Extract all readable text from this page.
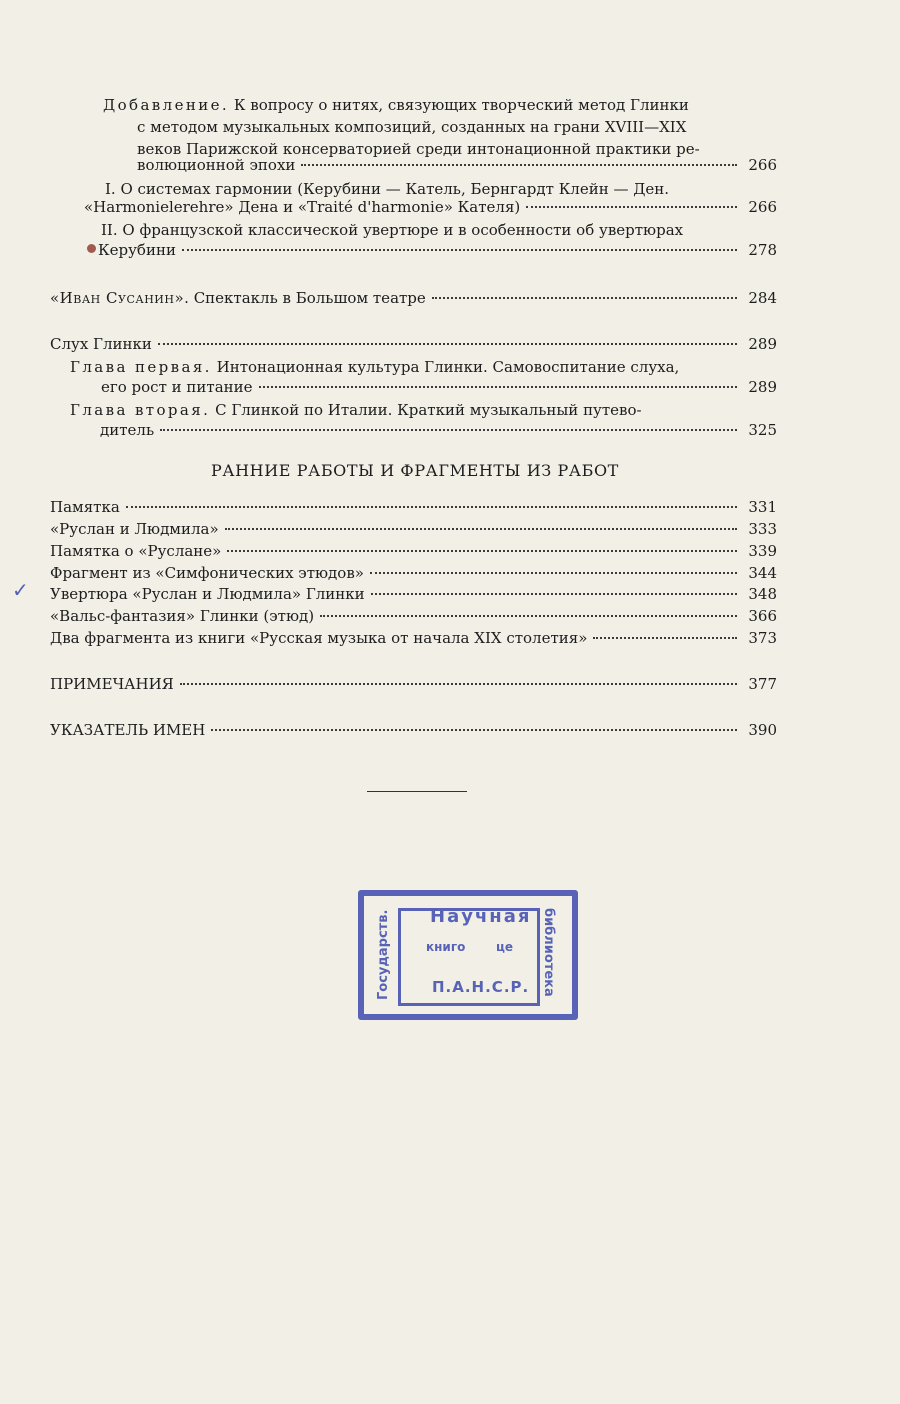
Добавление. К вопросу о нитях, связующих творческий метод Глинки
с методом музыкальных композиций, созданных на грани XVIII—XIX
веков Парижской консерваторией среди интонационной практики ре-
волюционной эпохи	266
I. О системах гармонии (Керубини — Катель, Бернгардт Клейн — Ден.
«Harmonielerehre» Дена и «Traité d'harmonie» Кателя)	266
II. О французской классической увертюре и в особенности об увертюрах
Керубини	278
«Иван Сусанин». Спектакль в Большом театре	284
Слух Глинки	289
Глава первая. Интонационная культура Глинки. Самовоспитание слуха,
его рост и питание	289
Глава вторая. С Глинкой по Италии. Краткий музыкальный путево-
дитель	325
РАННИЕ РАБОТЫ И ФРАГМЕНТЫ ИЗ РАБОТ
Памятка	331
«Руслан и Людмила»	333
Памятка о «Руслане»	339
Фрагмент из «Симфонических этюдов»	344
✓ Увертюра «Руслан и Людмила» Глинки	348
«Вальс-фантазия» Глинки (этюд)	366
Два фрагмента из книги «Русская музыка от начала XIX столетия»	373
ПРИМЕЧАНИЯ	377
УКАЗАТЕЛЬ ИМЕН	390
Научная
книго	це
П.А.Н.С.Р.
Государств.	библиотека
